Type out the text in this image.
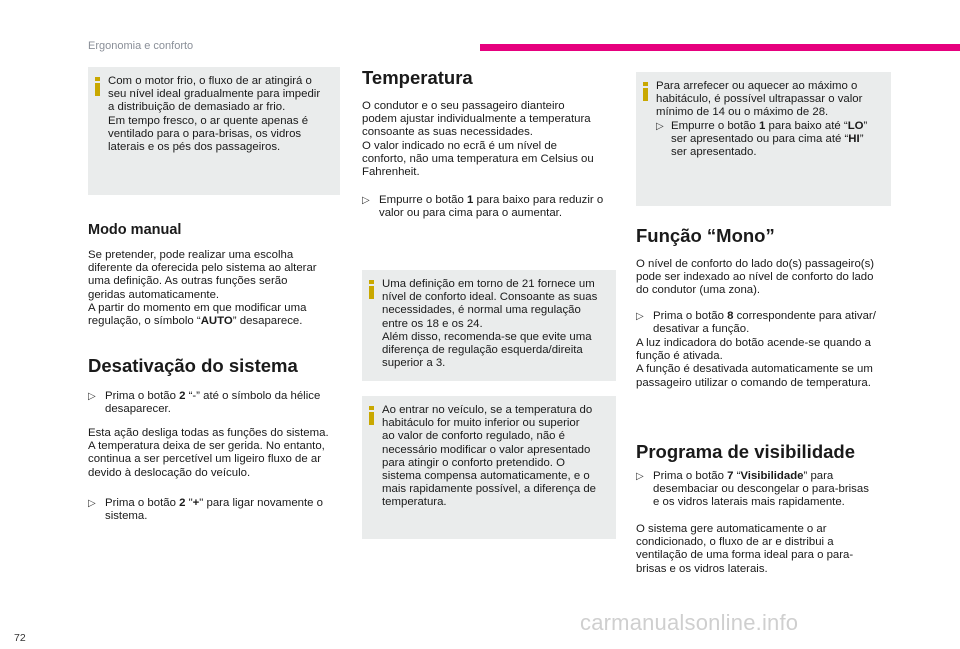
Ergonomia e conforto

Com o motor frio, o fluxo de ar atingirá o

seu nível ideal gradualmente para impedir

a distribuição de demasiado ar frio.

Em tempo fresco, o ar quente apenas é

ventilado para o para-brisas, os vidros

laterais e os pés dos passageiros.

Modo manual
Se pretender, pode realizar uma escolha
diferente da oferecida pelo sistema ao alterar
uma definição. As outras funções serão
geridas automaticamente.
A partir do momento em que modificar uma
regulação, o símbolo “AUTO” desaparece.
Desativação do sistema
▷ Prima o botão 2 “-” até o símbolo da hélice
desaparecer.
Esta ação desliga todas as funções do sistema.
A temperatura deixa de ser gerida. No entanto,
continua a ser percetível um ligeiro fluxo de ar
devido à deslocação do veículo.
▷ Prima o botão 2 "+" para ligar novamente o
sistema.
Temperatura
O condutor e o seu passageiro dianteiro
podem ajustar individualmente a temperatura
consoante as suas necessidades.
O valor indicado no ecrã é um nível de
conforto, não uma temperatura em Celsius ou
Fahrenheit.
▷ Empurre o botão 1 para baixo para reduzir o
valor ou para cima para o aumentar.

Uma definição em torno de 21 fornece um

nível de conforto ideal. Consoante as suas

necessidades, é normal uma regulação

entre os 18 e os 24.

Além disso, recomenda-se que evite uma

diferença de regulação esquerda/direita

superior a 3.

Ao entrar no veículo, se a temperatura do

habitáculo for muito inferior ou superior

ao valor de conforto regulado, não é

necessário modificar o valor apresentado

para atingir o conforto pretendido. O

sistema compensa automaticamente, e o

mais rapidamente possível, a diferença de

temperatura.

Para arrefecer ou aquecer ao máximo o

habitáculo, é possível ultrapassar o valor

mínimo de 14 ou o máximo de 28.

▷ Empurre o botão 1 para baixo até “LO”
ser apresentado ou para cima até “HI”
ser apresentado.
Função “Mono”
O nível de conforto do lado do(s) passageiro(s)
pode ser indexado ao nível de conforto do lado
do condutor (uma zona).
▷ Prima o botão 8 correspondente para ativar/
desativar a função.
A luz indicadora do botão acende-se quando a
função é ativada.
A função é desativada automaticamente se um
passageiro utilizar o comando de temperatura.
Programa de visibilidade
▷ Prima o botão 7 “Visibilidade” para
desembaciar ou descongelar o para-brisas
e os vidros laterais mais rapidamente.
O sistema gere automaticamente o ar
condicionado, o fluxo de ar e distribui a
ventilação de uma forma ideal para o para-
brisas e os vidros laterais.
72
carmanualsonline.info
